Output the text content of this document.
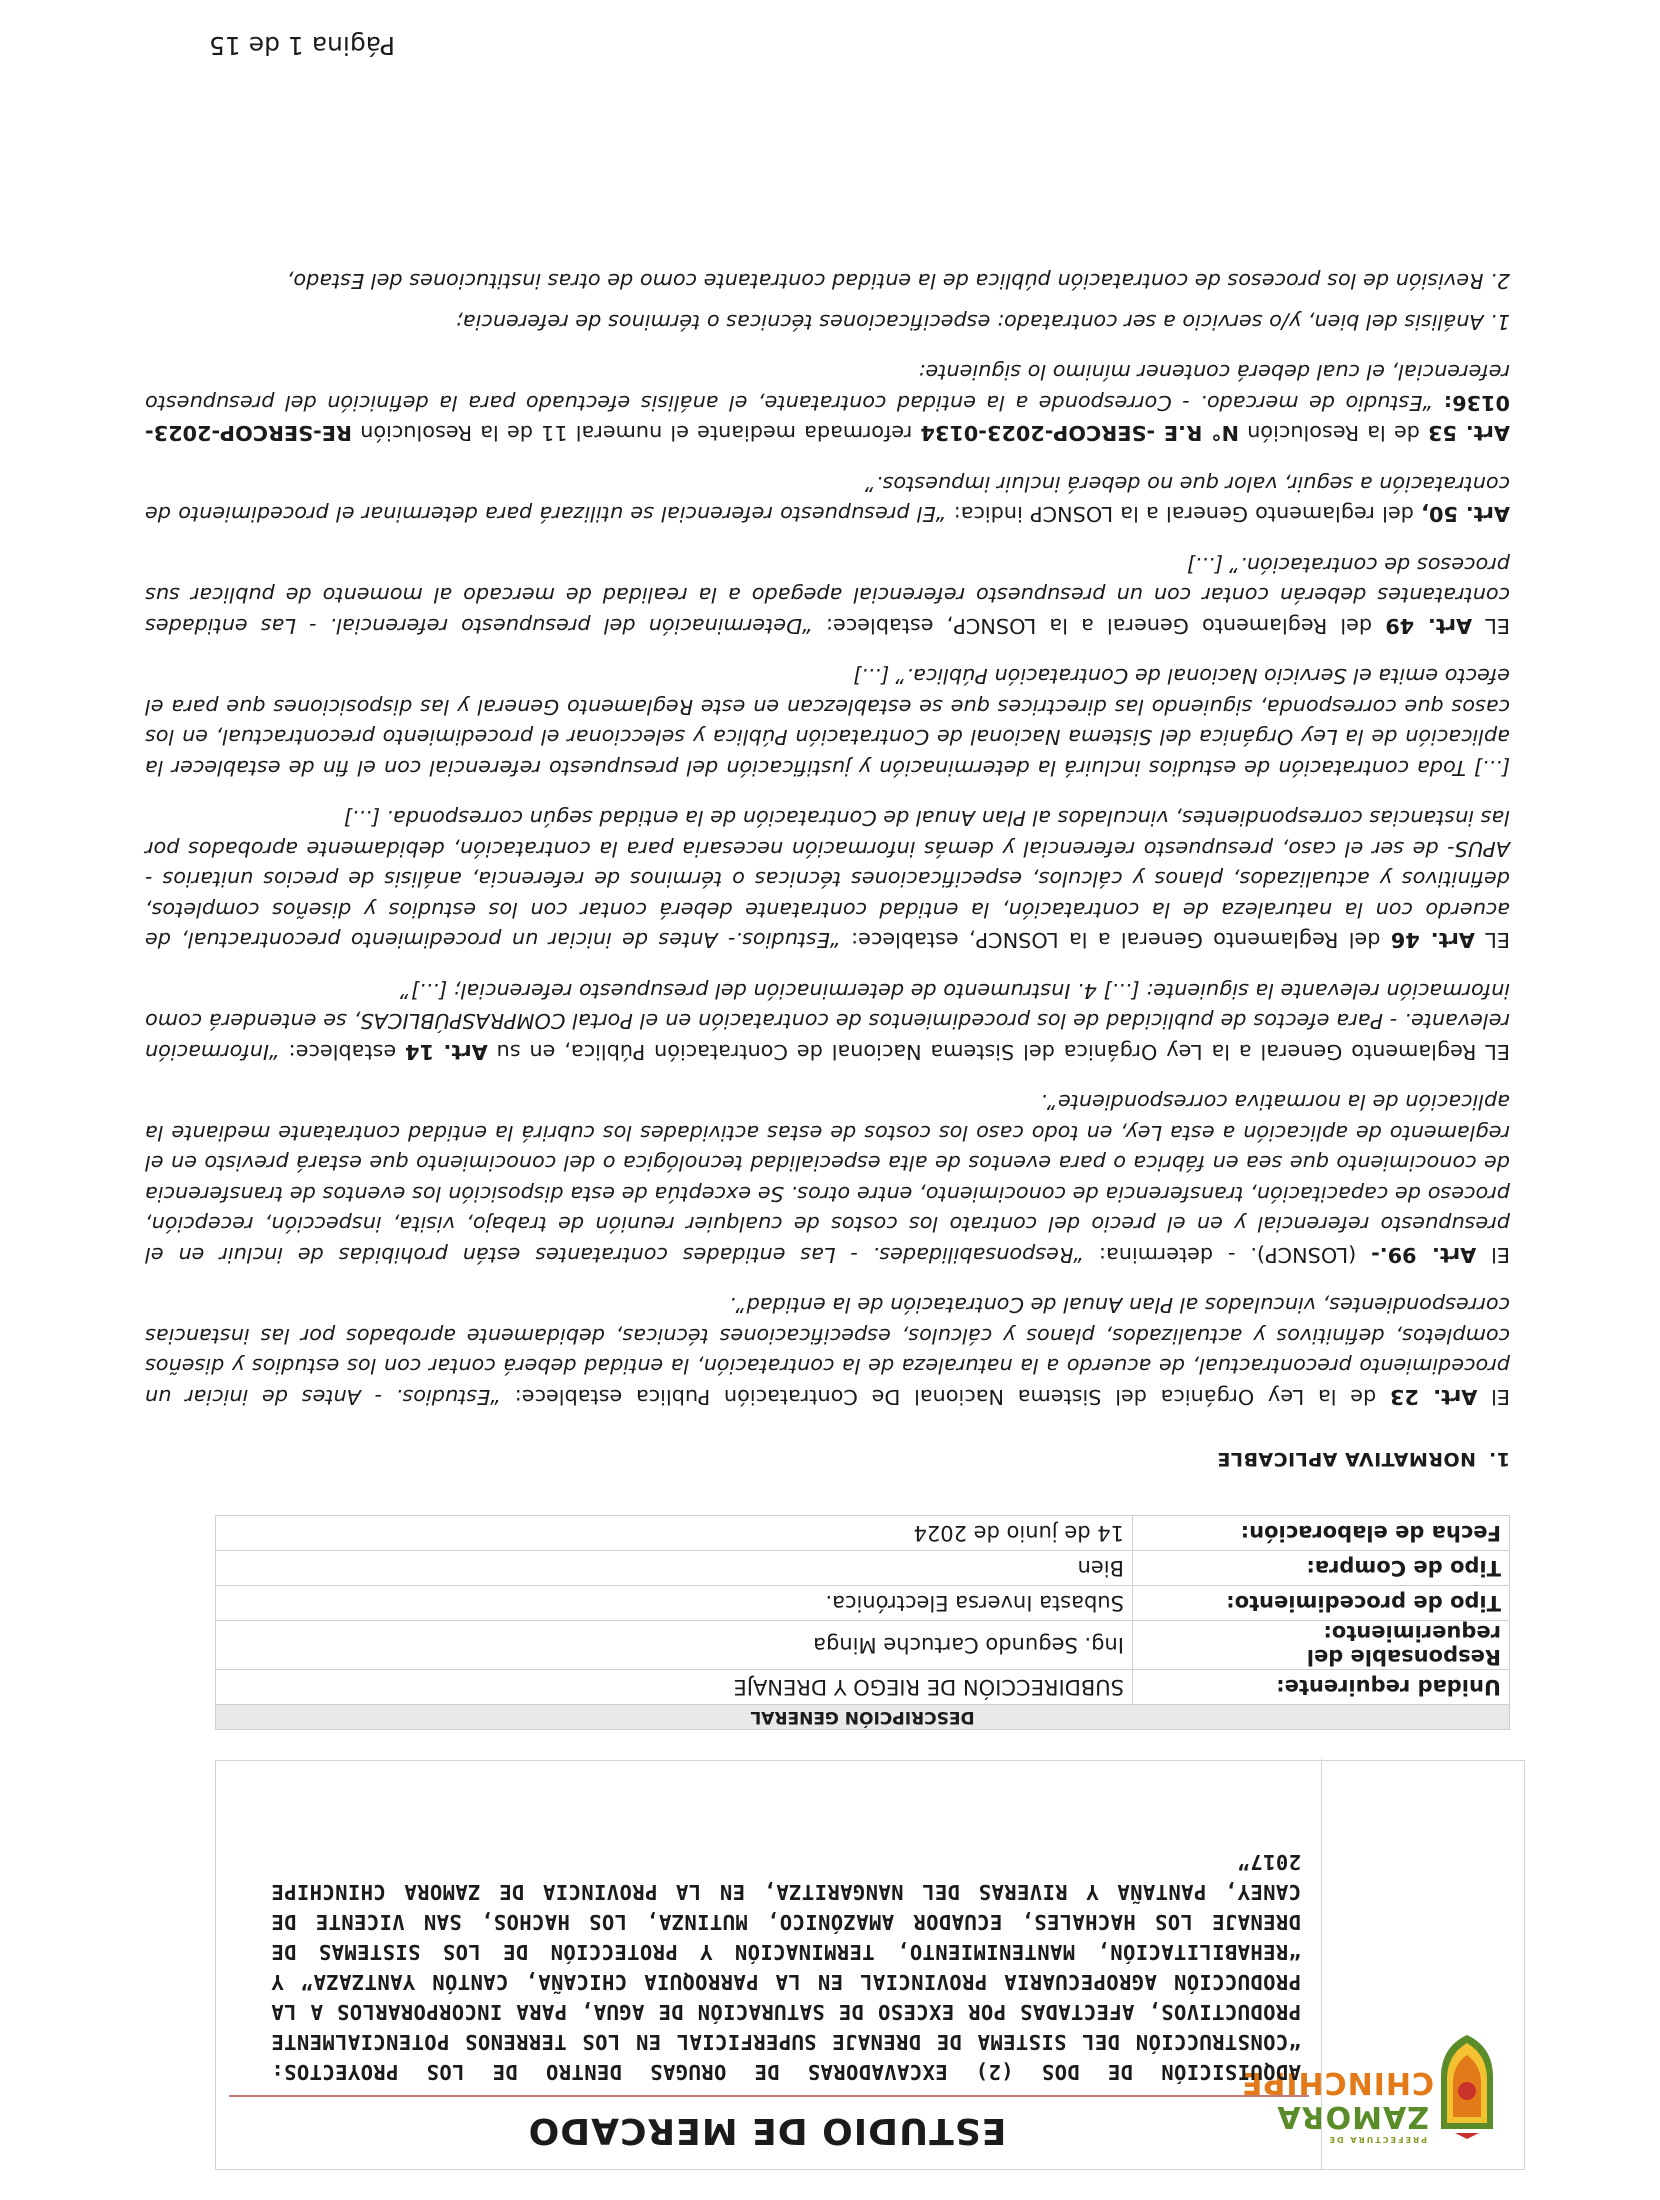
PREFECTURA DE
ZAMORA
CHINCHIPE
ESTUDIO DE MERCADO
ADQUISICIÓN DE DOS (2) EXCAVADORAS DE ORUGAS DENTRO DE LOS PROYECTOS: “CONSTRUCCIÓN DEL SISTEMA DE DRENAJE SUPERFICIAL EN LOS TERRENOS POTENCIALMENTE PRODUCTIVOS, AFECTADAS POR EXCESO DE SATURACIÓN DE AGUA, PARA INCORPORARLOS A LA PRODUCCIÓN AGROPECUARIA PROVINCIAL EN LA PARROQUIA CHICAÑA, CANTÓN YANTZAZA” Y “REHABILITACIÓN, MANTENIMIENTO, TERMINACIÓN Y PROTECCIÓN DE LOS SISTEMAS DE DRENAJE LOS HACHALES, ECUADOR AMAZÓNICO, MUTINZA, LOS HACHOS, SAN VICENTE DE CANEY, PANTAÑA Y RIVERAS DEL NANGARITZA, EN LA PROVINCIA DE ZAMORA CHINCHIPE 2017”
DESCRIPCIÓN GENERAL	
Unidad requirente:	SUBDIRECCIÓN DE RIEGO Y DRENAJE
Responsable del requerimiento:	Ing. Segundo Cartuche Minga
Tipo de procedimiento:	Subasta Inversa Electrónica.
Tipo de Compra:	Bien
Fecha de elaboración:	14 de junio de 2024
1.NORMATIVA APLICABLE

El Art. 23 de la Ley Orgánica del Sistema Nacional De Contratación Publica establece: “Estudios. - Antes de iniciar un procedimiento precontractual, de acuerdo a la naturaleza de la contratación, la entidad deberá contar con los estudios y diseños completos, definitivos y actualizados, planos y cálculos, especificaciones técnicas, debidamente aprobados por las instancias correspondientes, vinculados al Plan Anual de Contratación de la entidad”.

El Art. 99.- (LOSNCP). - determina: “Responsabilidades. - Las entidades contratantes están prohibidas de incluir en el presupuesto referencial y en el precio del contrato los costos de cualquier reunión de trabajo, visita, inspección, recepción, proceso de capacitación, transferencia de conocimiento, entre otros. Se exceptúa de esta disposición los eventos de transferencia de conocimiento que sea en fábrica o para eventos de alta especialidad tecnológica o del conocimiento que estará previsto en el reglamento de aplicación a esta Ley, en todo caso los costos de estas actividades los cubrirá la entidad contratante mediante la aplicación de la normativa correspondiente”.

EL Reglamento General a la Ley Orgánica del Sistema Nacional de Contratación Pública, en su Art. 14 establece: “Información relevante. - Para efectos de publicidad de los procedimientos de contratación en el Portal COMPRASPÚBLICAS, se entenderá como información relevante la siguiente: [...] 4. Instrumento de determinación del presupuesto referencial; [...]”

EL Art. 46 del Reglamento General a la LOSNCP, establece: “Estudios.- Antes de iniciar un procedimiento precontractual, de acuerdo con la naturaleza de la contratación, la entidad contratante deberá contar con los estudios y diseños completos, definitivos y actualizados, planos y cálculos, especificaciones técnicas o términos de referencia, análisis de precios unitarios -APUS- de ser el caso, presupuesto referencial y demás información necesaria para la contratación, debidamente aprobados por las instancias correspondientes, vinculados al Plan Anual de Contratación de la entidad según corresponda. [...]

[...] Toda contratación de estudios incluirá la determinación y justificación del presupuesto referencial con el fin de establecer la aplicación de la Ley Orgánica del Sistema Nacional de Contratación Pública y seleccionar el procedimiento precontractual, en los casos que corresponda, siguiendo las directrices que se establezcan en este Reglamento General y las disposiciones que para el efecto emita el Servicio Nacional de Contratación Pública.” [...]

EL Art. 49 del Reglamento General a la LOSNCP, establece: “Determinación del presupuesto referencial. - Las entidades contratantes deberán contar con un presupuesto referencial apegado a la realidad de mercado al momento de publicar sus procesos de contratación.” [...]

Art. 50, del reglamento General a la LOSNCP indica: “El presupuesto referencial se utilizará para determinar el procedimiento de contratación a seguir, valor que no deberá incluir impuestos.”

Art. 53 de la Resolución N° R.E -SERCOP-2023-0134 reformada mediante el numeral 11 de la Resolución RE-SERCOP-2023-0136: “Estudio de mercado. - Corresponde a la entidad contratante, el análisis efectuado para la definición del presupuesto referencial, el cual deberá contener mínimo lo siguiente:

1. Análisis del bien, y/o servicio a ser contratado: especificaciones técnicas o términos de referencia;

2. Revisión de los procesos de contratación pública de la entidad contratante como de otras instituciones del Estado,

Página 1 de 15
